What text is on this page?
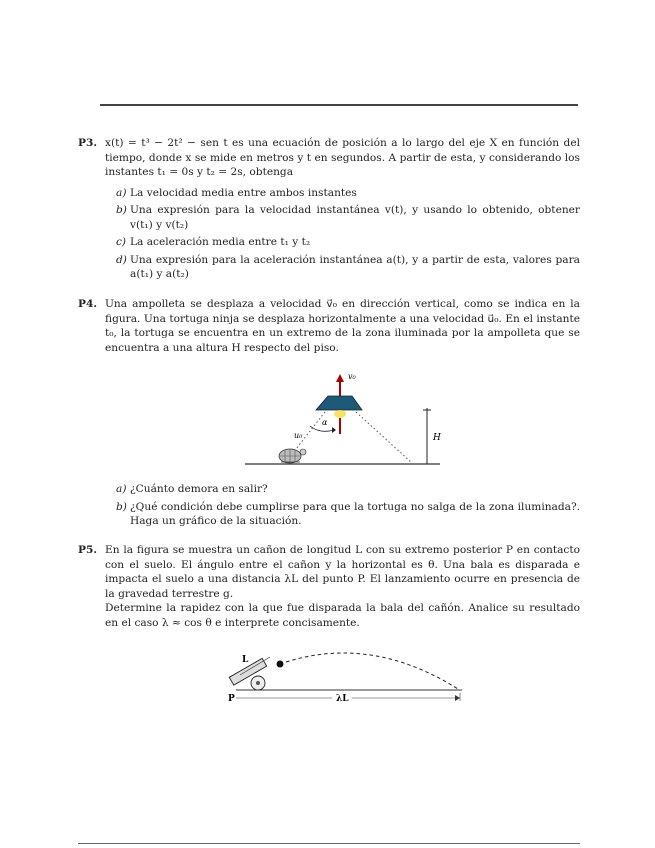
P3. x(t) = t³ − 2t² − sen t es una ecuación de posición a lo largo del eje X en función del tiempo, donde x se mide en metros y t en segundos. A partir de esta, y considerando los instantes t₁ = 0s y t₂ = 2s, obtenga
a) La velocidad media entre ambos instantes
b) Una expresión para la velocidad instantánea v(t), y usando lo obtenido, obtener v(t₁) y v(t₂)
c) La aceleración media entre t₁ y t₂
d) Una expresión para la aceleración instantánea a(t), y a partir de esta, valores para a(t₁) y a(t₂)
P4. Una ampolleta se desplaza a velocidad v⃗₀ en dirección vertical, como se indica en la figura. Una tortuga ninja se desplaza horizontalmente a una velocidad u⃗₀. En el instante t₀, la tortuga se encuentra en un extremo de la zona iluminada por la ampolleta que se encuentra a una altura H respecto del piso.
v₀
α
u₀	H
a) ¿Cuánto demora en salir?
b) ¿Qué condición debe cumplirse para que la tortuga no salga de la zona iluminada?. Haga un gráfico de la situación.
P5. En la figura se muestra un cañon de longitud L con su extremo posterior P en contacto con el suelo. El ángulo entre el cañon y la horizontal es θ. Una bala es disparada e impacta el suelo a una distancia λL del punto P. El lanzamiento ocurre en presencia de la gravedad terrestre g.
Determine la rapidez con la que fue disparada la bala del cañón. Analice su resultado en el caso λ ≈ cos θ e interprete concisamente.
λL
L
P
